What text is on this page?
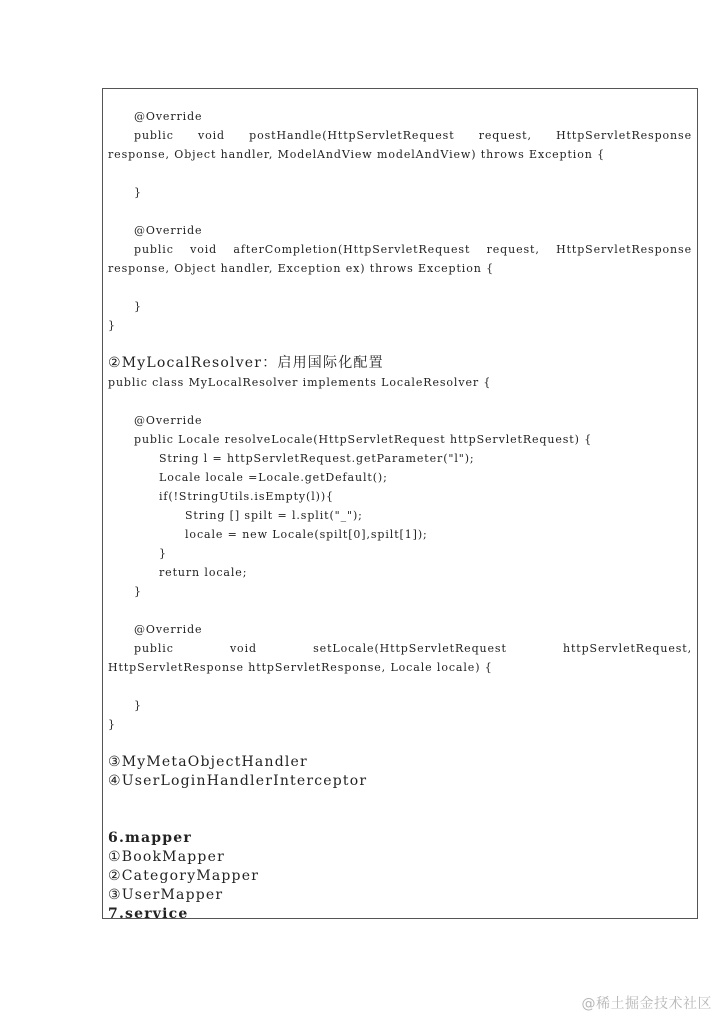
@Override
public void postHandle(HttpServletRequest request, HttpServletResponse
response, Object handler, ModelAndView modelAndView) throws Exception {
}
@Override
public void afterCompletion(HttpServletRequest request, HttpServletResponse
response, Object handler, Exception ex) throws Exception {
}
}
②MyLocalResolver：启用国际化配置
public class MyLocalResolver implements LocaleResolver {
@Override
public Locale resolveLocale(HttpServletRequest httpServletRequest) {
String l = httpServletRequest.getParameter("l");
Locale locale =Locale.getDefault();
if(!StringUtils.isEmpty(l)){
String [] spilt = l.split("_");
locale = new Locale(spilt[0],spilt[1]);
}
return locale;
}
@Override
public void setLocale(HttpServletRequest httpServletRequest,
HttpServletResponse httpServletResponse, Locale locale) {
}
}
③MyMetaObjectHandler
④UserLoginHandlerInterceptor
6.mapper
①BookMapper
②CategoryMapper
③UserMapper
7.service
@稀土掘金技术社区
